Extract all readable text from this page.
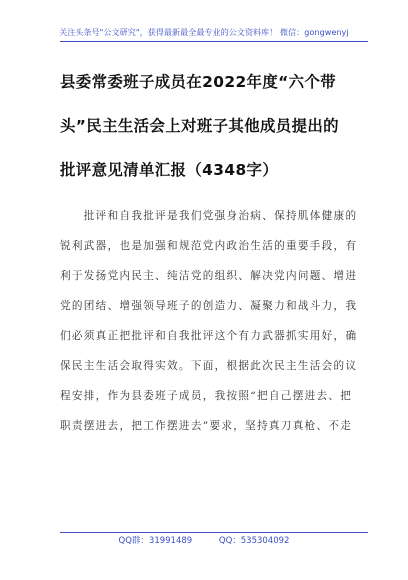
关注头条号"公文研究"，获得最新最全最专业的公文资料库！ 微信：gongwenyj
县委常委班子成员在2022年度“六个带
头”民主生活会上对班子其他成员提出的
批评意见清单汇报（4348字）
　　批评和自我批评是我们党强身治病、保持肌体健康的
锐利武器，也是加强和规范党内政治生活的重要手段，有
利于发扬党内民主、纯洁党的组织、解决党内问题、增进
党的团结、增强领导班子的创造力、凝聚力和战斗力，我
们必须真正把批评和自我批评这个有力武器抓实用好，确
保民主生活会取得实效。下面，根据此次民主生活会的议
程安排，作为县委班子成员，我按照“把自己摆进去、把
职责摆进去，把工作摆进去”要求，坚持真刀真枪、不走
QQ群：31991489	QQ：535304092
